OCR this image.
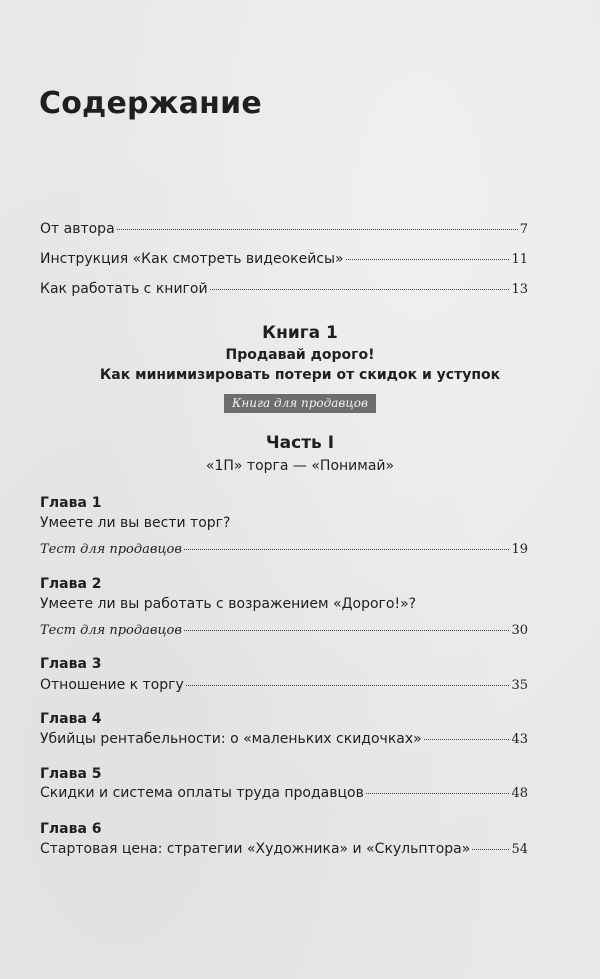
Содержание
От автора	7
Инструкция «Как смотреть видеокейсы»	11
Как работать с книгой	13
Книга 1
Продавай дорого!
Как минимизировать потери от скидок и уступок
Книга для продавцов
Часть I
«1П» торга — «Понимай»
Глава 1
Умеете ли вы вести торг?
Тест для продавцов	19
Глава 2
Умеете ли вы работать с возражением «Дорого!»?
Тест для продавцов	30
Глава 3
Отношение к торгу	35
Глава 4
Убийцы рентабельности: о «маленьких скидочках»	43
Глава 5
Скидки и система оплаты труда продавцов	48
Глава 6
Стартовая цена: стратегии «Художника» и «Скульптора»	54
